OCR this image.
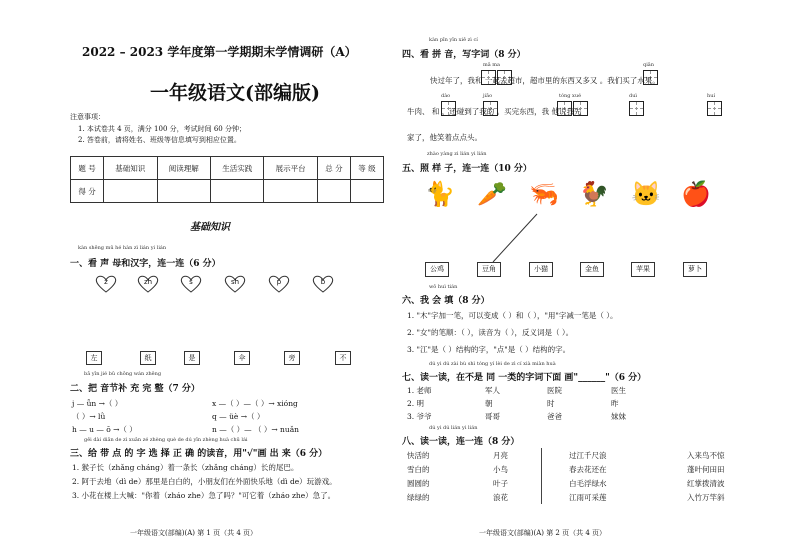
2022 – 2023 学年度第一学期期末学情调研（A）
一年级语文(部编版)
注意事项：
1. 本试卷共 4 页，满分 100 分，考试时间 60 分钟；
2. 答卷前，请将姓名、班级等信息填写到相应位置。
题 号	基础知识	阅读理解	生活实践	展示平台	总 分	等 级
得 分						
基础知识
kàn shēng mǔ hé hàn zì lián yi lián
一、看 声 母和汉字，连一连（6 分）
z	zh	s	sh	p	b
左	纸	是	伞	旁	不
bǎ yīn jié bǔ chōng wán zhěng
二、把 音节补 充 完 整（7 分）
j — ǚn →（ ）
（ ）→ lǜ
h — u — ō →（ ）
x —（ ）—（ ）→ xióng
q — üè →（ ）
n —（ ）— （ ）→ nuǎn
gěi dài diǎn de zì xuǎn zé zhèng què de dú yīn zhèng huà chū lái
三、给 带 点 的 字 选 择 正 确 的读音，用"√"画 出 来（6 分）
1. 猴子长（zhǎng cháng）着一条长（zhǎng cháng）长的尾巴。
2. 阿于去地（dì de）那里是白白的，小朋友们在外面快乐地（dì de）玩游戏。
3. 小花在楼上大喊："你着（zháo zhe）急了吗？"可它着（zháo zhe）急了。
一年级语文(部编)(A) 第 1 页（共 4 页）
kàn pīn yīn xiě zì cí
四、看 拼 音，写字词（8 分）
mā ma	qiān
快过年了，我和 一起去超市，超市里的东西又多又 。我们买了水果。
dào	jiāo	tóng xué	duì	huí
牛肉、 和 ，还碰到了我的 。买完东西，我 他说我先
家了，他笑着点点头。
zhào yàng zi lián yi lián
五、照 样 子，连一连（10 分）
🐈 🥕 🦐 🐓 🐱 🍎
公鸡	豆角	小猫	金鱼	苹果	萝卜
wǒ huì tián
六、我 会 填（8 分）
1. "木"字加一笔，可以变成（ ）和（ ），"用"字减一笔是（ ）。
2. "女"的笔顺：（ ），读音为（ ），反义词是（ ）。
3. "江"是（ ）结构的字，"点"是（ ）结构的字。
dú yi dú zài bù shì tóng yí lèi de zì cí xià miàn huà
七、读一读，在不是 同 一类的字词下面 画"______"（6 分）
1. 老师	军人	医院	医生
2. 明	朝	时	昨
3. 爷爷	哥哥	爸爸	妹妹
dú yi dú lián yi lián
八、读一读，连一连（8 分）
快活的
雪白的
圆圆的
绿绿的
月亮
小鸟
叶子
浪花
过江千尺浪
春去花还在
白毛浮绿水
江雨可采莲
入来鸟不惊
蓬叶何田田
红掌拨清波
入竹万竿斜
一年级语文(部编)(A) 第 2 页（共 4 页）
